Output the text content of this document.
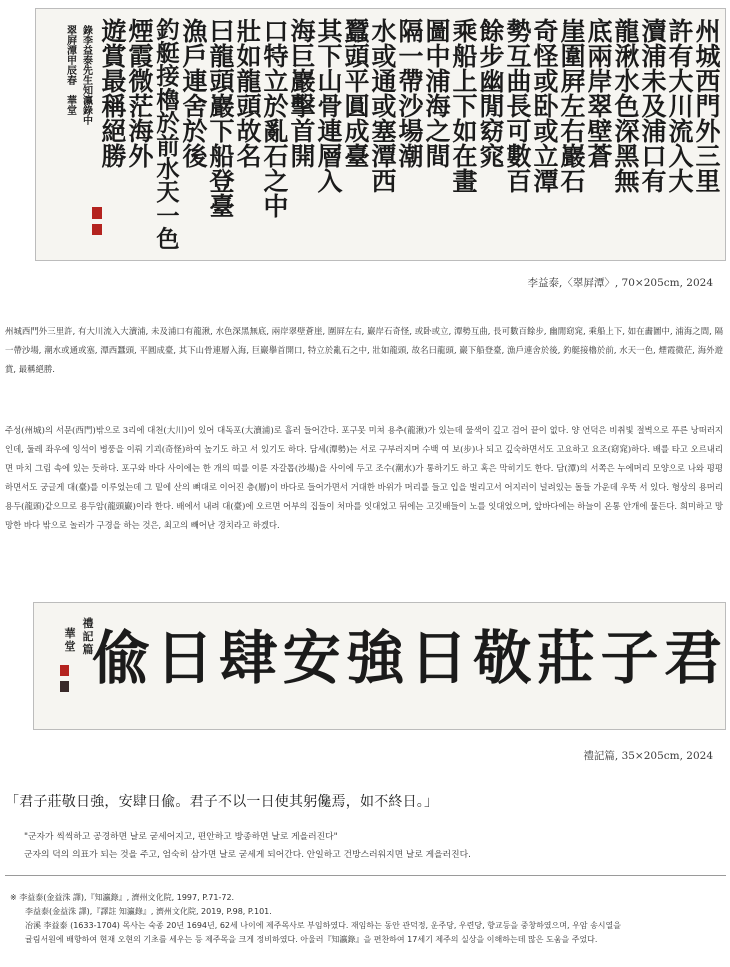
州
城
西
門
外
三
里
許
有
大
川
流
入
大
瀆
浦
未
及
浦
口
有
龍
湫
水
色
深
黑
無
底
兩
岸
翠
壁
蒼
崖
圍
屛
左
右
巖
石
奇
怪
或
卧
或
立
潭
勢
互
曲
長
可
數
百
餘
步
幽
閒
窈
窕
乘
船
上
下
如
在
畫
圖
中
浦
海
之
間
隔
一
帶
沙
場
潮
水
或
通
或
塞
潭
西
蠶
頭
平
圓
成
臺
其
下
山
骨
連
層
入
海
巨
巖
擊
首
開
口
特
立
於
亂
石
之
中
壯
如
龍
頭
故
名
曰
龍
頭
巖
下
船
登
臺
漁
戶
連
舍
於
後
釣
艇
接
櫓
於
前
水
天
一
色
煙
霞
微
茫
海
外
遊
賞
最
稱
絕
勝
錄
李
益
泰
先
生
知
瀛
錄
中
翠
屛
潭
甲
辰
春
華
堂
李益泰,〈翠屛潭〉, 70×205cm, 2024

州城西門外三里許, 有大川流入大瀆浦, 未及浦口有龍湫, 水色深黑無底, 兩岸翠壁蒼崖, 圍屛左右, 巖岸石奇怪, 或卧或立, 潭勢互曲, 長可數百餘步, 幽閒窈窕, 乘船上下, 如在畵圖中, 浦海之間, 隔一帶沙場, 潮水或通或塞, 潭西蠶頭, 平圓成臺, 其下山骨連層入海, 巨巖擧首開口, 特立於亂石之中, 壯如龍頭, 故名曰龍頭, 巖下船登臺, 漁戶連舍於後, 釣艇接櫓於前, 水天一色, 煙霞微茫, 海外遊賞, 最稱絕勝.

주성(州城)의 서문(西門)밖으로 3리에 대천(大川)이 있어 대독포(大瀆浦)로 흘러 들어간다. 포구못 미쳐 용추(龍湫)가 있는데 물색이 깊고 검어 끝이 없다. 양 언덕은 비취빛 절벽으로 푸른 낭떠러지인데, 둘레 좌우에 잉석이 병풍을 이뤄 기괴(奇怪)하여 높기도 하고 서 있기도 하다. 담세(潭勢)는 서로 구부러지며 수백 여 보(步)나 되고 깊숙하면서도 고요하고 요조(窈窕)하다. 배를 타고 오르내리면 마치 그림 속에 있는 듯하다. 포구와 바다 사이에는 한 개의 띠를 이룬 자갈톱(沙場)을 사이에 두고 조수(潮水)가 통하기도 하고 혹은 막히기도 한다. 담(潭)의 서쪽은 누에머리 모양으로 나와 평평하면서도 궁글게 대(臺)를 이루었는데 그 밑에 산의 뼈대로 이어진 층(層)이 바다로 들어가면서 거대한 바위가 머리를 들고 입을 벌리고서 어지러이 널려있는 돌들 가운데 우뚝 서 있다. 형상의 용머리 용두(龍頭)같으므로 용두암(龍頭巖)이라 한다. 배에서 내려 대(臺)에 오르면 어부의 집들이 처마를 잇대었고 뒤에는 고깃배들이 노를 잇대었으며, 앞바다에는 하늘이 온통 안개에 물든다. 희미하고 망망한 바다 밖으로 놀러가 구경을 하는 것은, 최고의 빼어난 경치라고 하겠다.

君
子
莊
敬
日
強
安
肆
日
偸
禮記篇
華堂
禮記篇, 35×205cm, 2024
「君子莊敬日強，安肆日偸。君子不以一日使其躬儳焉，如不終日。」
"군자가 씩씩하고 공경하면 날로 굳세어지고, 편안하고 방종하면 날로 게을러진다"
군자의 덕의 의표가 되는 것을 주고, 엄숙히 삼가면 날로 굳세게 되어간다. 안일하고 건방스러워지면 날로 게을러진다.
※ 李益泰(金益洙 譯),『知瀛錄』, 濟州文化院, 1997, P.71-72.
李益泰(金益洙 譯),『譯註 知瀛錄』, 濟州文化院, 2019, P.98, P.101.
冶溪 李益泰 (1633-1704) 목사는 숙종 20년 1694년, 62세 나이에 제주목사로 부임하였다. 재임하는 동안 관덕정, 운주당, 우련당, 향교등을 중창하였으며, 우암 송시열을
귤림서원에 배향하여 현재 오현의 기초를 세우는 등 제주목을 크게 정비하였다. 아울러『知瀛錄』을 편찬하여 17세기 제주의 실상을 이해하는데 많은 도움을 주었다.
